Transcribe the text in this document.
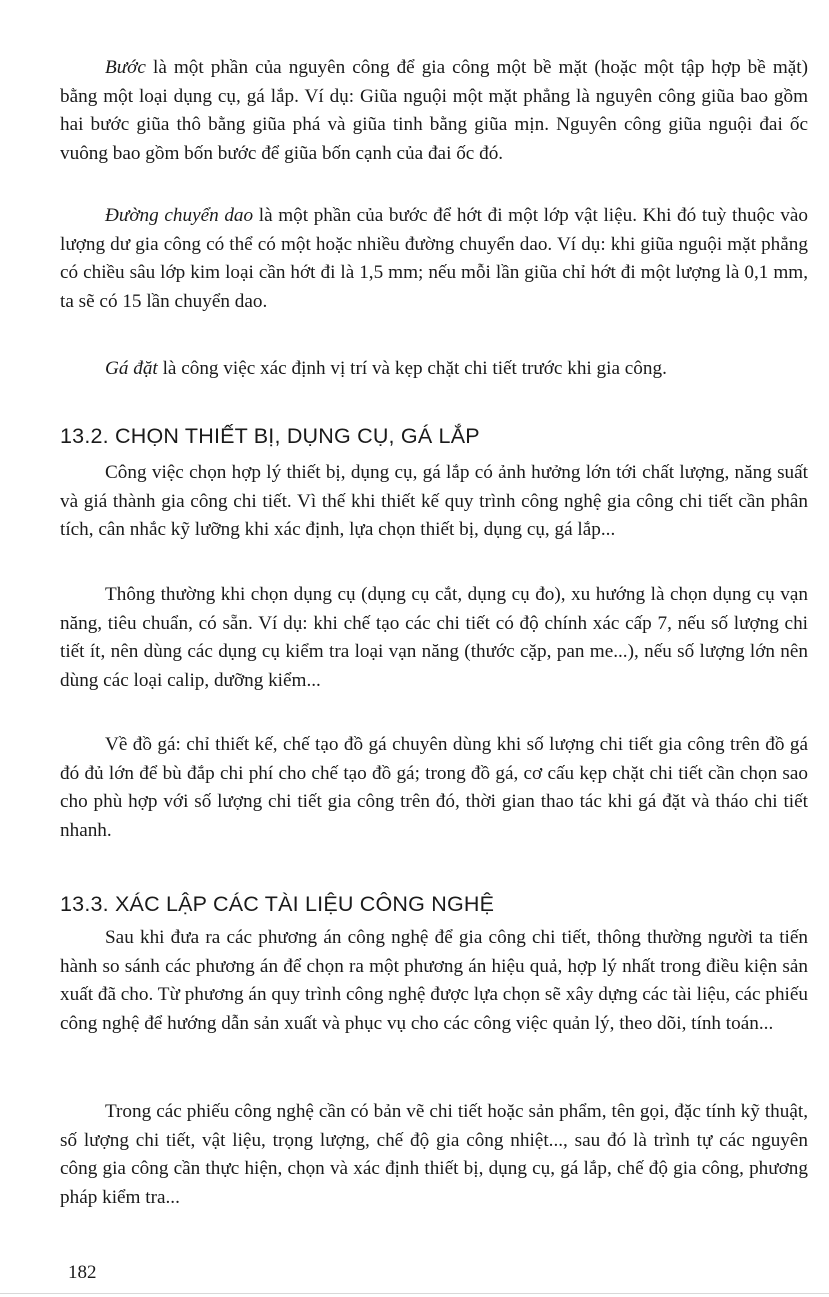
Bước là một phần của nguyên công để gia công một bề mặt (hoặc một tập hợp bề mặt) bằng một loại dụng cụ, gá lắp. Ví dụ: Giũa nguội một mặt phẳng là nguyên công giũa bao gồm hai bước giũa thô bằng giũa phá và giũa tinh bằng giũa mịn. Nguyên công giũa nguội đai ốc vuông bao gồm bốn bước để giũa bốn cạnh của đai ốc đó.

Đường chuyển dao là một phần của bước để hớt đi một lớp vật liệu. Khi đó tuỳ thuộc vào lượng dư gia công có thể có một hoặc nhiều đường chuyển dao. Ví dụ: khi giũa nguội mặt phẳng có chiều sâu lớp kim loại cần hớt đi là 1,5 mm; nếu mỗi lần giũa chỉ hớt đi một lượng là 0,1 mm, ta sẽ có 15 lần chuyển dao.

Gá đặt là công việc xác định vị trí và kẹp chặt chi tiết trước khi gia công.

13.2. CHỌN THIẾT BỊ, DỤNG CỤ, GÁ LẮP

Công việc chọn hợp lý thiết bị, dụng cụ, gá lắp có ảnh hưởng lớn tới chất lượng, năng suất và giá thành gia công chi tiết. Vì thế khi thiết kế quy trình công nghệ gia công chi tiết cần phân tích, cân nhắc kỹ lưỡng khi xác định, lựa chọn thiết bị, dụng cụ, gá lắp...

Thông thường khi chọn dụng cụ (dụng cụ cắt, dụng cụ đo), xu hướng là chọn dụng cụ vạn năng, tiêu chuẩn, có sẵn. Ví dụ: khi chế tạo các chi tiết có độ chính xác cấp 7, nếu số lượng chi tiết ít, nên dùng các dụng cụ kiểm tra loại vạn năng (thước cặp, pan me...), nếu số lượng lớn nên dùng các loại calip, dưỡng kiểm...

Về đồ gá: chỉ thiết kế, chế tạo đồ gá chuyên dùng khi số lượng chi tiết gia công trên đồ gá đó đủ lớn để bù đắp chi phí cho chế tạo đồ gá; trong đồ gá, cơ cấu kẹp chặt chi tiết cần chọn sao cho phù hợp với số lượng chi tiết gia công trên đó, thời gian thao tác khi gá đặt và tháo chi tiết nhanh.

13.3. XÁC LẬP CÁC TÀI LIỆU CÔNG NGHỆ

Sau khi đưa ra các phương án công nghệ để gia công chi tiết, thông thường người ta tiến hành so sánh các phương án để chọn ra một phương án hiệu quả, hợp lý nhất trong điều kiện sản xuất đã cho. Từ phương án quy trình công nghệ được lựa chọn sẽ xây dựng các tài liệu, các phiếu công nghệ để hướng dẫn sản xuất và phục vụ cho các công việc quản lý, theo dõi, tính toán...

Trong các phiếu công nghệ cần có bản vẽ chi tiết hoặc sản phẩm, tên gọi, đặc tính kỹ thuật, số lượng chi tiết, vật liệu, trọng lượng, chế độ gia công nhiệt..., sau đó là trình tự các nguyên công gia công cần thực hiện, chọn và xác định thiết bị, dụng cụ, gá lắp, chế độ gia công, phương pháp kiểm tra...

182
